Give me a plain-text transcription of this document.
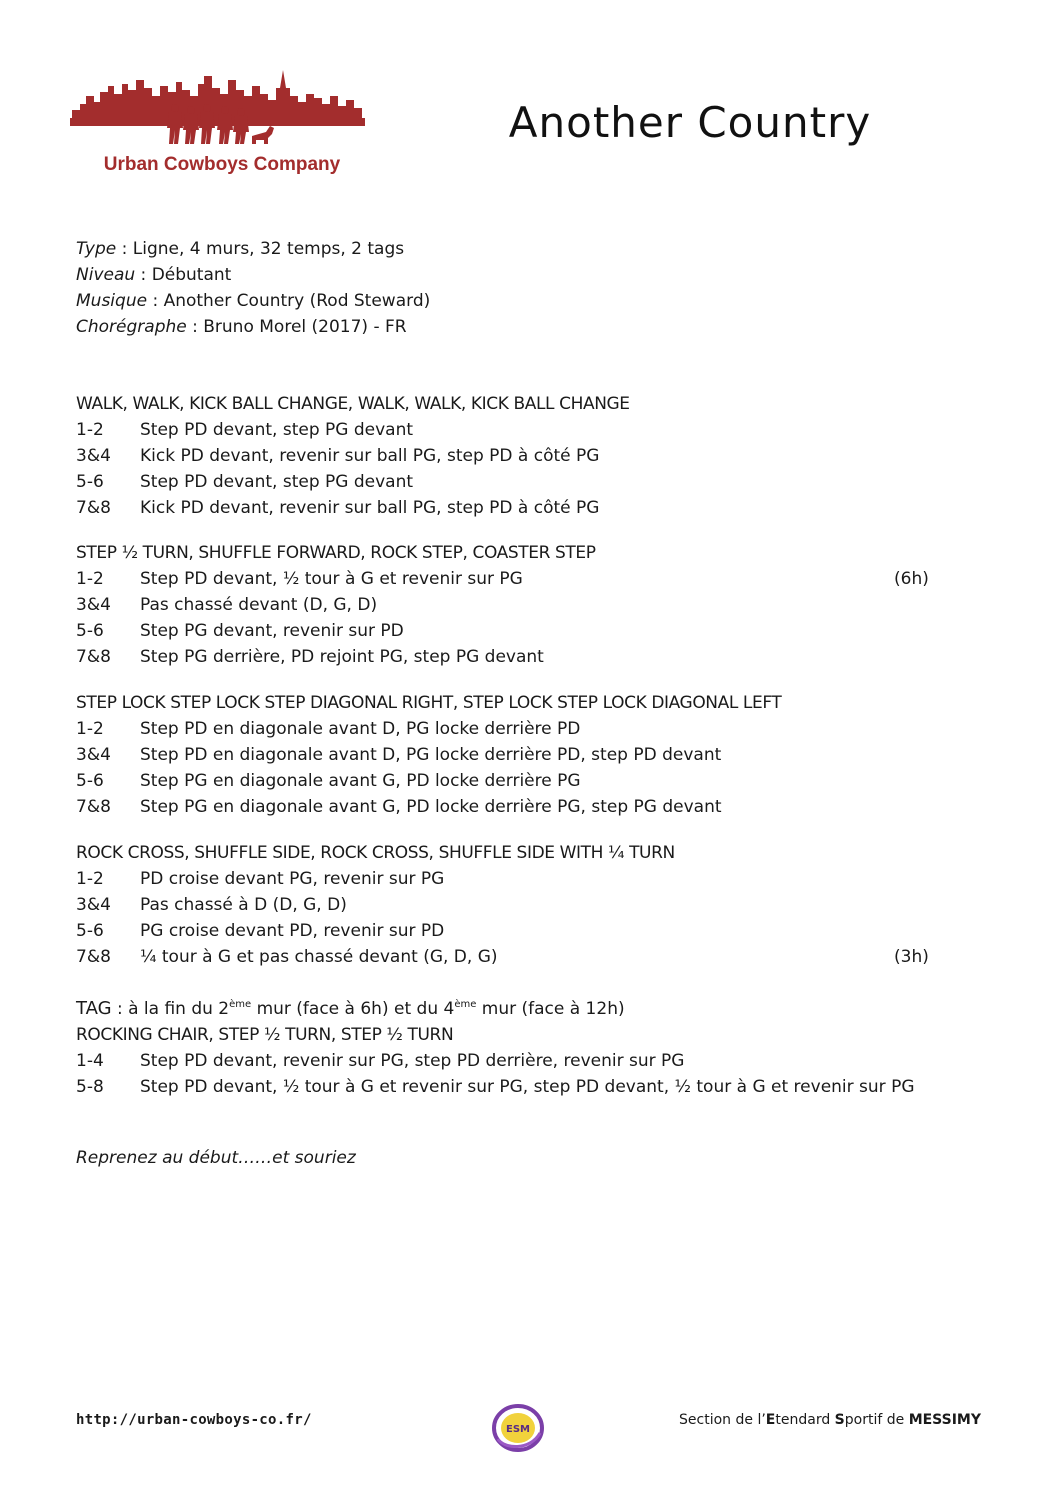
Urban Cowboys Company
Another Country
Type : Ligne, 4 murs, 32 temps, 2 tags
Niveau : Débutant
Musique : Another Country (Rod Steward)
Chorégraphe : Bruno Morel (2017) - FR
WALK, WALK, KICK BALL CHANGE, WALK, WALK, KICK BALL CHANGE
1-2 Step PD devant, step PG devant
3&4 Kick PD devant, revenir sur ball PG, step PD à côté PG
5-6 Step PD devant, step PG devant
7&8 Kick PD devant, revenir sur ball PG, step PD à côté PG
STEP ½ TURN, SHUFFLE FORWARD, ROCK STEP, COASTER STEP
1-2 Step PD devant, ½ tour à G et revenir sur PG	(6h)
3&4 Pas chassé devant (D, G, D)
5-6 Step PG devant, revenir sur PD
7&8 Step PG derrière, PD rejoint PG, step PG devant
STEP LOCK STEP LOCK STEP DIAGONAL RIGHT, STEP LOCK STEP LOCK DIAGONAL LEFT
1-2 Step PD en diagonale avant D, PG locke derrière PD
3&4 Step PD en diagonale avant D, PG locke derrière PD, step PD devant
5-6 Step PG en diagonale avant G, PD locke derrière PG
7&8 Step PG en diagonale avant G, PD locke derrière PG, step PG devant
ROCK CROSS, SHUFFLE SIDE, ROCK CROSS, SHUFFLE SIDE WITH ¼ TURN
1-2 PD croise devant PG, revenir sur PG
3&4 Pas chassé à D (D, G, D)
5-6 PG croise devant PD, revenir sur PD
7&8 ¼ tour à G et pas chassé devant (G, D, G)	(3h)
TAG : à la fin du 2ème mur (face à 6h) et du 4ème mur (face à 12h)
ROCKING CHAIR, STEP ½ TURN, STEP ½ TURN
1-4 Step PD devant, revenir sur PG, step PD derrière, revenir sur PG
5-8 Step PD devant, ½ tour à G et revenir sur PG, step PD devant, ½ tour à G et revenir sur PG
Reprenez au début……et souriez
http://urban-cowboys-co.fr/
ESM
Section de l’Etendard Sportif de MESSIMY
